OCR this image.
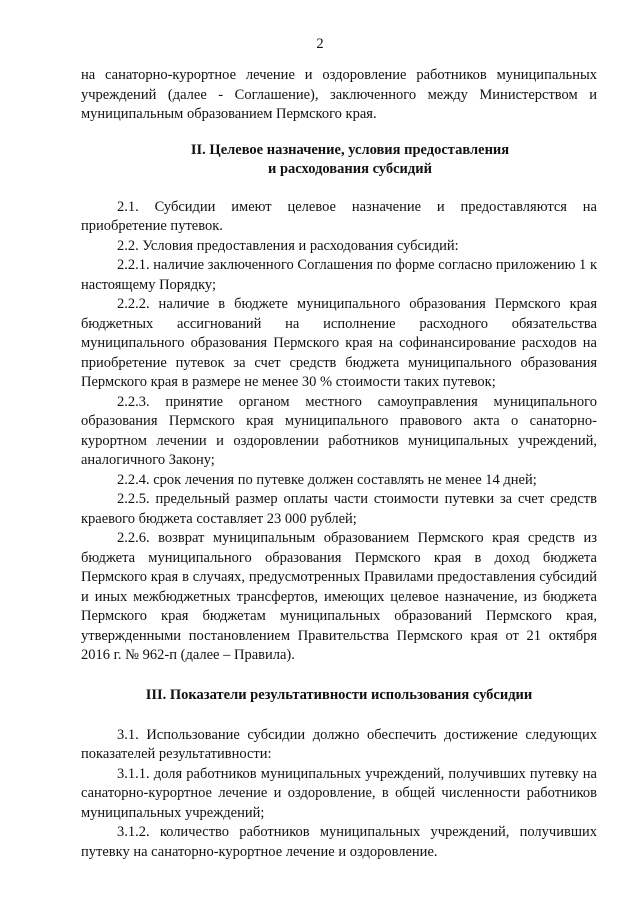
2

на санаторно-курортное лечение и оздоровление работников муниципальных учреждений (далее - Соглашение), заключенного между Министерством и муниципальным образованием Пермского края.

II. Целевое назначение, условия предоставления
и расходования субсидий

2.1. Субсидии имеют целевое назначение и предоставляются на приобретение путевок.

2.2. Условия предоставления и расходования субсидий:

2.2.1. наличие заключенного Соглашения по форме согласно приложению 1 к настоящему Порядку;

2.2.2. наличие в бюджете муниципального образования Пермского края бюджетных ассигнований на исполнение расходного обязательства муниципального образования Пермского края на софинансирование расходов на приобретение путевок за счет средств бюджета муниципального образования Пермского края в размере не менее 30 % стоимости таких путевок;

2.2.3. принятие органом местного самоуправления муниципального образования Пермского края муниципального правового акта о санаторно-курортном лечении и оздоровлении работников муниципальных учреждений, аналогичного Закону;

2.2.4. срок лечения по путевке должен составлять не менее 14 дней;

2.2.5. предельный размер оплаты части стоимости путевки за счет средств краевого бюджета составляет 23 000 рублей;

2.2.6. возврат муниципальным образованием Пермского края средств из бюджета муниципального образования Пермского края в доход бюджета Пермского края в случаях, предусмотренных Правилами предоставления субсидий и иных межбюджетных трансфертов, имеющих целевое назначение, из бюджета Пермского края бюджетам муниципальных образований Пермского края, утвержденными постановлением Правительства Пермского края от 21 октября 2016 г. № 962-п (далее – Правила).

III. Показатели результативности использования субсидии

3.1. Использование субсидии должно обеспечить достижение следующих показателей результативности:

3.1.1. доля работников муниципальных учреждений, получивших путевку на санаторно-курортное лечение и оздоровление, в общей численности работников муниципальных учреждений;

3.1.2. количество работников муниципальных учреждений, получивших путевку на санаторно-курортное лечение и оздоровление.
